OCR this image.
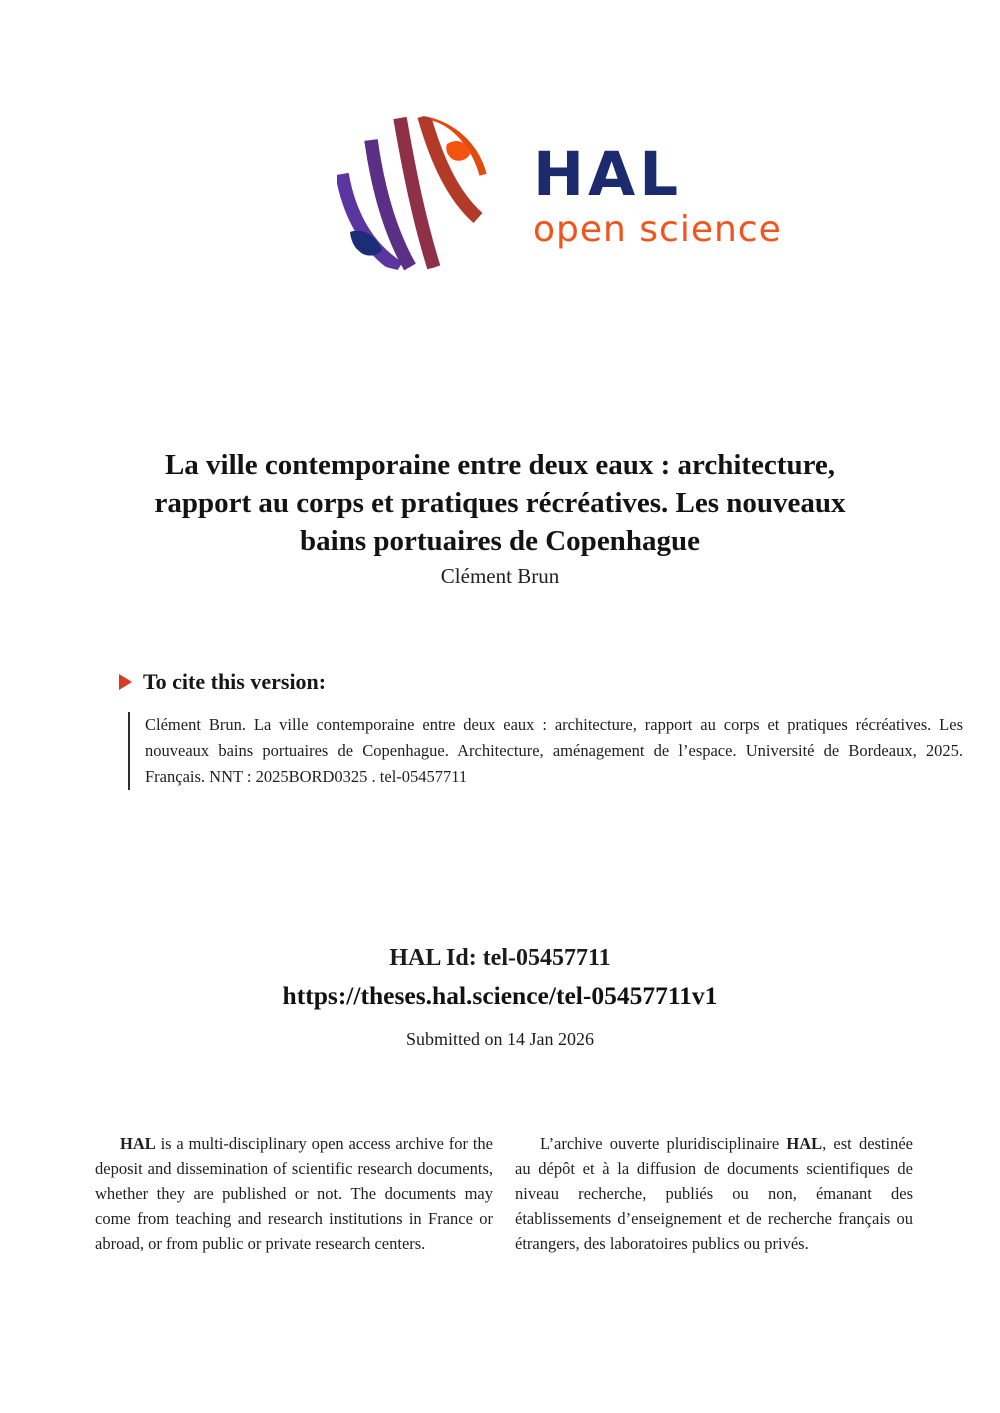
HAL
open science
La ville contemporaine entre deux eaux : architecture,
rapport au corps et pratiques récréatives. Les nouveaux
bains portuaires de Copenhague
Clément Brun
To cite this version:
Clément Brun. La ville contemporaine entre deux eaux : architecture, rapport au corps et pratiques récréatives. Les nouveaux bains portuaires de Copenhague. Architecture, aménagement de l’espace. Université de Bordeaux, 2025. Français. NNT : 2025BORD0325 . tel-05457711
HAL Id: tel-05457711
https://theses.hal.science/tel-05457711v1
Submitted on 14 Jan 2026

HAL is a multi-disciplinary open access archive for the deposit and dissemination of scientific research documents, whether they are published or not. The documents may come from teaching and research institutions in France or abroad, or from public or private research centers.

L’archive ouverte pluridisciplinaire HAL, est destinée au dépôt et à la diffusion de documents scientifiques de niveau recherche, publiés ou non, émanant des établissements d’enseignement et de recherche français ou étrangers, des laboratoires publics ou privés.
